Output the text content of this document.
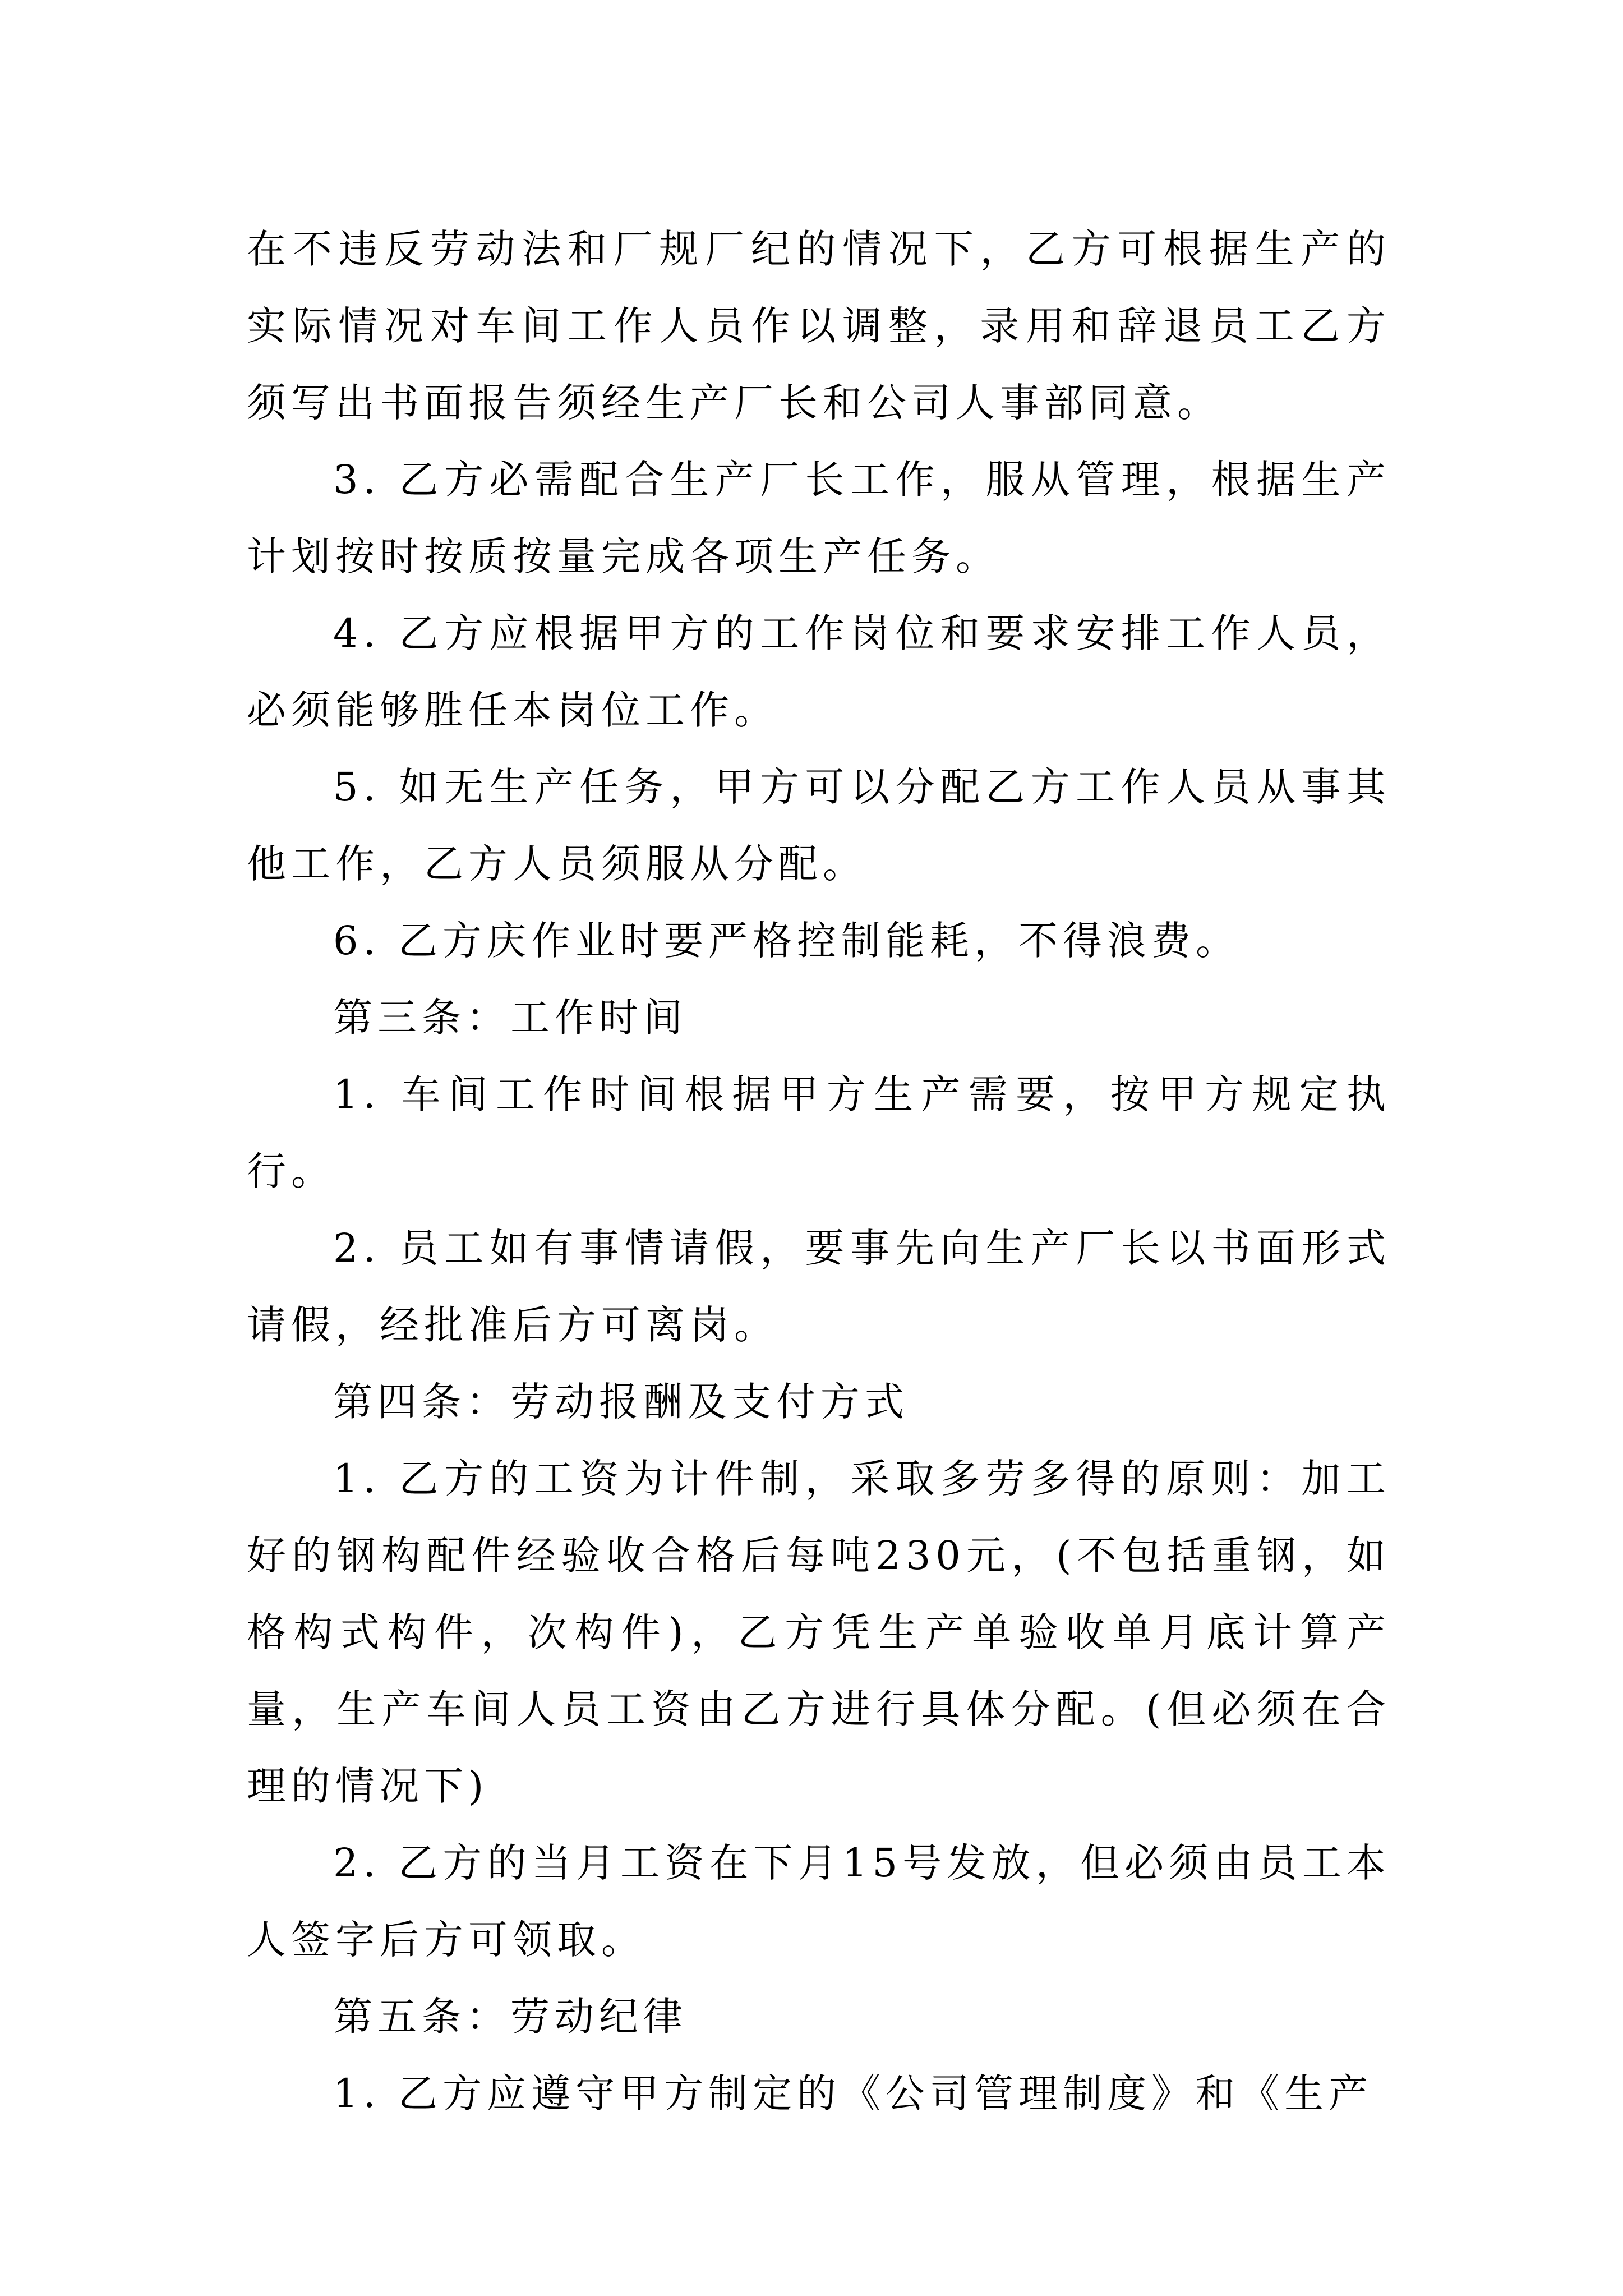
在不违反劳动法和厂规厂纪的情况下，乙方可根据生产的实际情况对车间工作人员作以调整，录用和辞退员工乙方须写出书面报告须经生产厂长和公司人事部同意。

3. 乙方必需配合生产厂长工作，服从管理，根据生产计划按时按质按量完成各项生产任务。

4. 乙方应根据甲方的工作岗位和要求安排工作人员，必须能够胜任本岗位工作。

5. 如无生产任务，甲方可以分配乙方工作人员从事其他工作，乙方人员须服从分配。

6. 乙方庆作业时要严格控制能耗，不得浪费。

第三条：工作时间

1. 车间工作时间根据甲方生产需要，按甲方规定执行。

2. 员工如有事情请假，要事先向生产厂长以书面形式请假，经批准后方可离岗。

第四条：劳动报酬及支付方式

1. 乙方的工资为计件制，采取多劳多得的原则：加工好的钢构配件经验收合格后每吨230元，(不包括重钢，如格构式构件，次构件)，乙方凭生产单验收单月底计算产量，生产车间人员工资由乙方进行具体分配。(但必须在合理的情况下)

2. 乙方的当月工资在下月15号发放，但必须由员工本人签字后方可领取。

第五条：劳动纪律

1. 乙方应遵守甲方制定的《公司管理制度》和《生产
